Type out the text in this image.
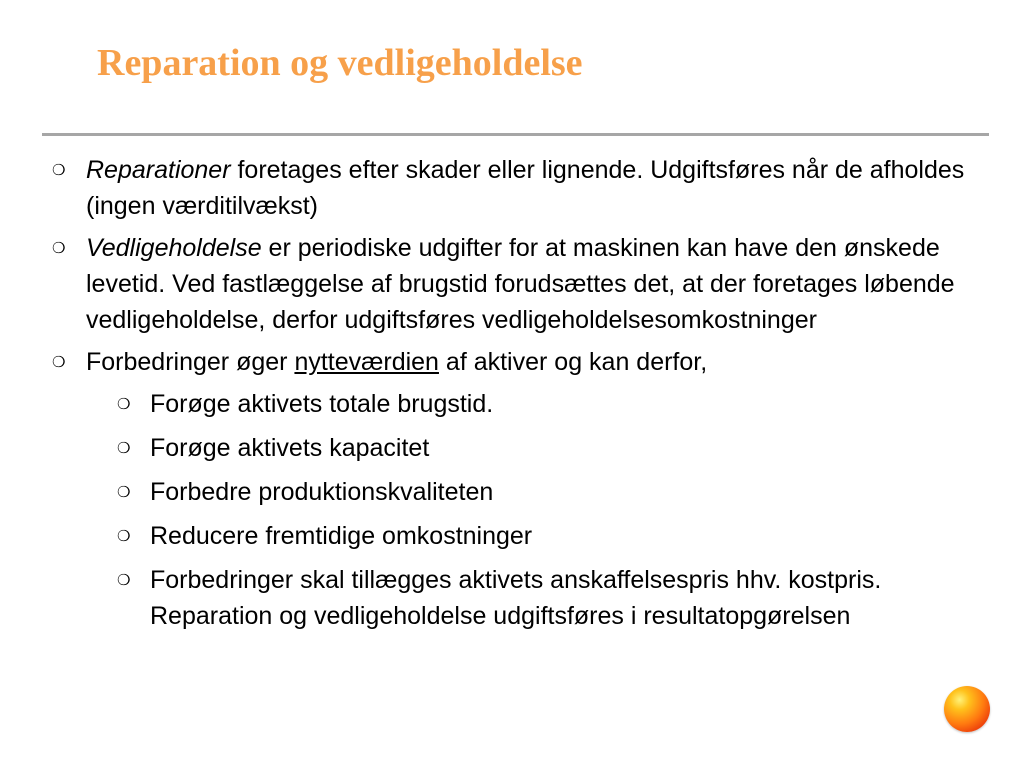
Reparation og vedligeholdelse
❍ Reparationer foretages efter skader eller lignende. Udgiftsføres når de afholdes (ingen værditilvækst)
❍ Vedligeholdelse er periodiske udgifter for at maskinen kan have den ønskede levetid. Ved fastlæggelse af brugstid forudsættes det, at der foretages løbende vedligeholdelse, derfor udgiftsføres vedligeholdelsesomkostninger
❍ Forbedringer øger nytteværdien af aktiver og kan derfor,
❍ Forøge aktivets totale brugstid.
❍ Forøge aktivets kapacitet
❍ Forbedre produktionskvaliteten
❍ Reducere fremtidige omkostninger
❍ Forbedringer skal tillægges aktivets anskaffelsespris hhv. kostpris. Reparation og vedligeholdelse udgiftsføres i resultatopgørelsen
